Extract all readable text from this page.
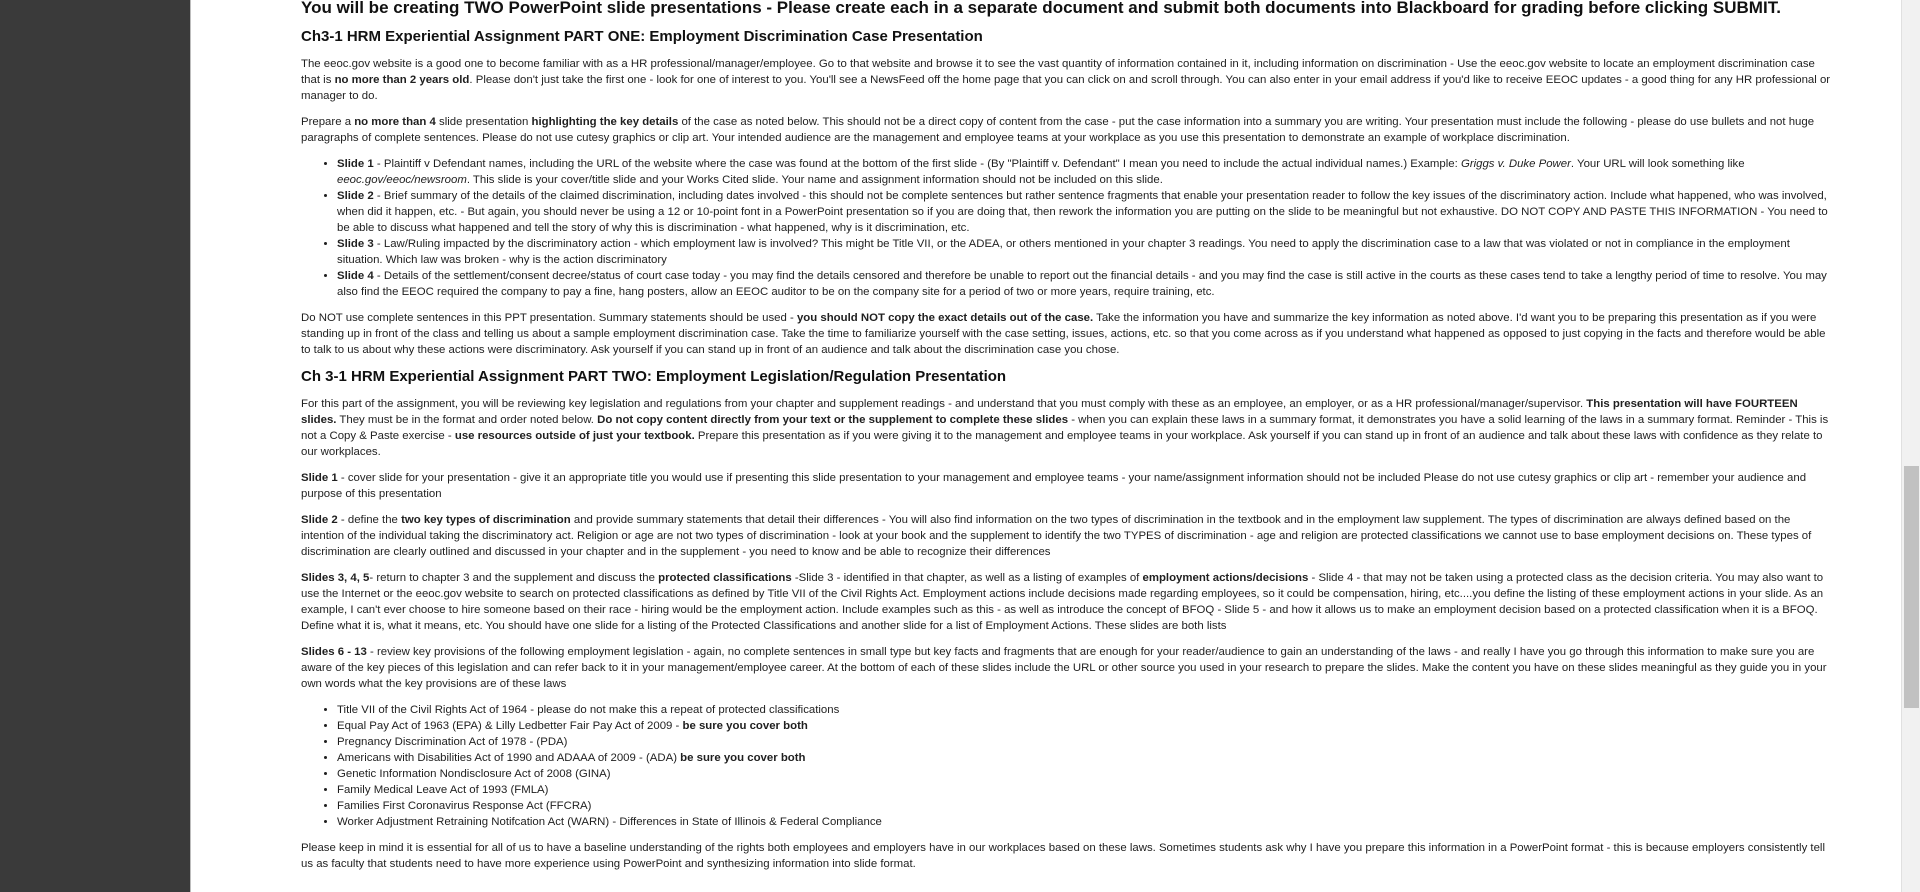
You will be creating TWO PowerPoint slide presentations - Please create each in a separate document and submit both documents into Blackboard for grading before clicking SUBMIT.
Ch3-1 HRM Experiential Assignment PART ONE: Employment Discrimination Case Presentation

The eeoc.gov website is a good one to become familiar with as a HR professional/manager/employee. Go to that website and browse it to see the vast quantity of information contained in it, including information on discrimination - Use the eeoc.gov website to locate an employment discrimination case that is no more than 2 years old. Please don't just take the first one - look for one of interest to you. You'll see a NewsFeed off the home page that you can click on and scroll through. You can also enter in your email address if you'd like to receive EEOC updates - a good thing for any HR professional or manager to do.

Prepare a no more than 4 slide presentation highlighting the key details of the case as noted below. This should not be a direct copy of content from the case - put the case information into a summary you are writing. Your presentation must include the following - please do use bullets and not huge paragraphs of complete sentences. Please do not use cutesy graphics or clip art. Your intended audience are the management and employee teams at your workplace as you use this presentation to demonstrate an example of workplace discrimination.

• Slide 1 - Plaintiff v Defendant names, including the URL of the website where the case was found at the bottom of the first slide - (By "Plaintiff v. Defendant" I mean you need to include the actual individual names.) Example: Griggs v. Duke Power. Your URL will look something like eeoc.gov/eeoc/newsroom. This slide is your cover/title slide and your Works Cited slide. Your name and assignment information should not be included on this slide.
• Slide 2 - Brief summary of the details of the claimed discrimination, including dates involved - this should not be complete sentences but rather sentence fragments that enable your presentation reader to follow the key issues of the discriminatory action. Include what happened, who was involved, when did it happen, etc. - But again, you should never be using a 12 or 10-point font in a PowerPoint presentation so if you are doing that, then rework the information you are putting on the slide to be meaningful but not exhaustive. DO NOT COPY AND PASTE THIS INFORMATION - You need to be able to discuss what happened and tell the story of why this is discrimination - what happened, why is it discrimination, etc.
• Slide 3 - Law/Ruling impacted by the discriminatory action - which employment law is involved? This might be Title VII, or the ADEA, or others mentioned in your chapter 3 readings. You need to apply the discrimination case to a law that was violated or not in compliance in the employment situation. Which law was broken - why is the action discriminatory
• Slide 4 - Details of the settlement/consent decree/status of court case today - you may find the details censored and therefore be unable to report out the financial details - and you may find the case is still active in the courts as these cases tend to take a lengthy period of time to resolve. You may also find the EEOC required the company to pay a fine, hang posters, allow an EEOC auditor to be on the company site for a period of two or more years, require training, etc.

Do NOT use complete sentences in this PPT presentation. Summary statements should be used - you should NOT copy the exact details out of the case. Take the information you have and summarize the key information as noted above. I'd want you to be preparing this presentation as if you were standing up in front of the class and telling us about a sample employment discrimination case. Take the time to familiarize yourself with the case setting, issues, actions, etc. so that you come across as if you understand what happened as opposed to just copying in the facts and therefore would be able to talk to us about why these actions were discriminatory. Ask yourself if you can stand up in front of an audience and talk about the discrimination case you chose.

Ch 3-1 HRM Experiential Assignment PART TWO: Employment Legislation/Regulation Presentation

For this part of the assignment, you will be reviewing key legislation and regulations from your chapter and supplement readings - and understand that you must comply with these as an employee, an employer, or as a HR professional/manager/supervisor. This presentation will have FOURTEEN slides. They must be in the format and order noted below. Do not copy content directly from your text or the supplement to complete these slides - when you can explain these laws in a summary format, it demonstrates you have a solid learning of the laws in a summary format. Reminder - This is not a Copy & Paste exercise - use resources outside of just your textbook. Prepare this presentation as if you were giving it to the management and employee teams in your workplace. Ask yourself if you can stand up in front of an audience and talk about these laws with confidence as they relate to our workplaces.

Slide 1 - cover slide for your presentation - give it an appropriate title you would use if presenting this slide presentation to your management and employee teams - your name/assignment information should not be included Please do not use cutesy graphics or clip art - remember your audience and purpose of this presentation

Slide 2 - define the two key types of discrimination and provide summary statements that detail their differences - You will also find information on the two types of discrimination in the textbook and in the employment law supplement. The types of discrimination are always defined based on the intention of the individual taking the discriminatory act. Religion or age are not two types of discrimination - look at your book and the supplement to identify the two TYPES of discrimination - age and religion are protected classifications we cannot use to base employment decisions on. These types of discrimination are clearly outlined and discussed in your chapter and in the supplement - you need to know and be able to recognize their differences

Slides 3, 4, 5- return to chapter 3 and the supplement and discuss the protected classifications -Slide 3 - identified in that chapter, as well as a listing of examples of employment actions/decisions - Slide 4 - that may not be taken using a protected class as the decision criteria. You may also want to use the Internet or the eeoc.gov website to search on protected classifications as defined by Title VII of the Civil Rights Act. Employment actions include decisions made regarding employees, so it could be compensation, hiring, etc....you define the listing of these employment actions in your slide. As an example, I can't ever choose to hire someone based on their race - hiring would be the employment action. Include examples such as this - as well as introduce the concept of BFOQ - Slide 5 - and how it allows us to make an employment decision based on a protected classification when it is a BFOQ. Define what it is, what it means, etc. You should have one slide for a listing of the Protected Classifications and another slide for a list of Employment Actions. These slides are both lists

Slides 6 - 13 - review key provisions of the following employment legislation - again, no complete sentences in small type but key facts and fragments that are enough for your reader/audience to gain an understanding of the laws - and really I have you go through this information to make sure you are aware of the key pieces of this legislation and can refer back to it in your management/employee career. At the bottom of each of these slides include the URL or other source you used in your research to prepare the slides. Make the content you have on these slides meaningful as they guide you in your own words what the key provisions are of these laws

• Title VII of the Civil Rights Act of 1964 - please do not make this a repeat of protected classifications
• Equal Pay Act of 1963 (EPA) & Lilly Ledbetter Fair Pay Act of 2009 - be sure you cover both
• Pregnancy Discrimination Act of 1978 - (PDA)
• Americans with Disabilities Act of 1990 and ADAAA of 2009 - (ADA) be sure you cover both
• Genetic Information Nondisclosure Act of 2008 (GINA)
• Family Medical Leave Act of 1993 (FMLA)
• Families First Coronavirus Response Act (FFCRA)
• Worker Adjustment Retraining Notifcation Act (WARN) - Differences in State of Illinois & Federal Compliance

Please keep in mind it is essential for all of us to have a baseline understanding of the rights both employees and employers have in our workplaces based on these laws. Sometimes students ask why I have you prepare this information in a PowerPoint format - this is because employers consistently tell us as faculty that students need to have more experience using PowerPoint and synthesizing information into slide format.
